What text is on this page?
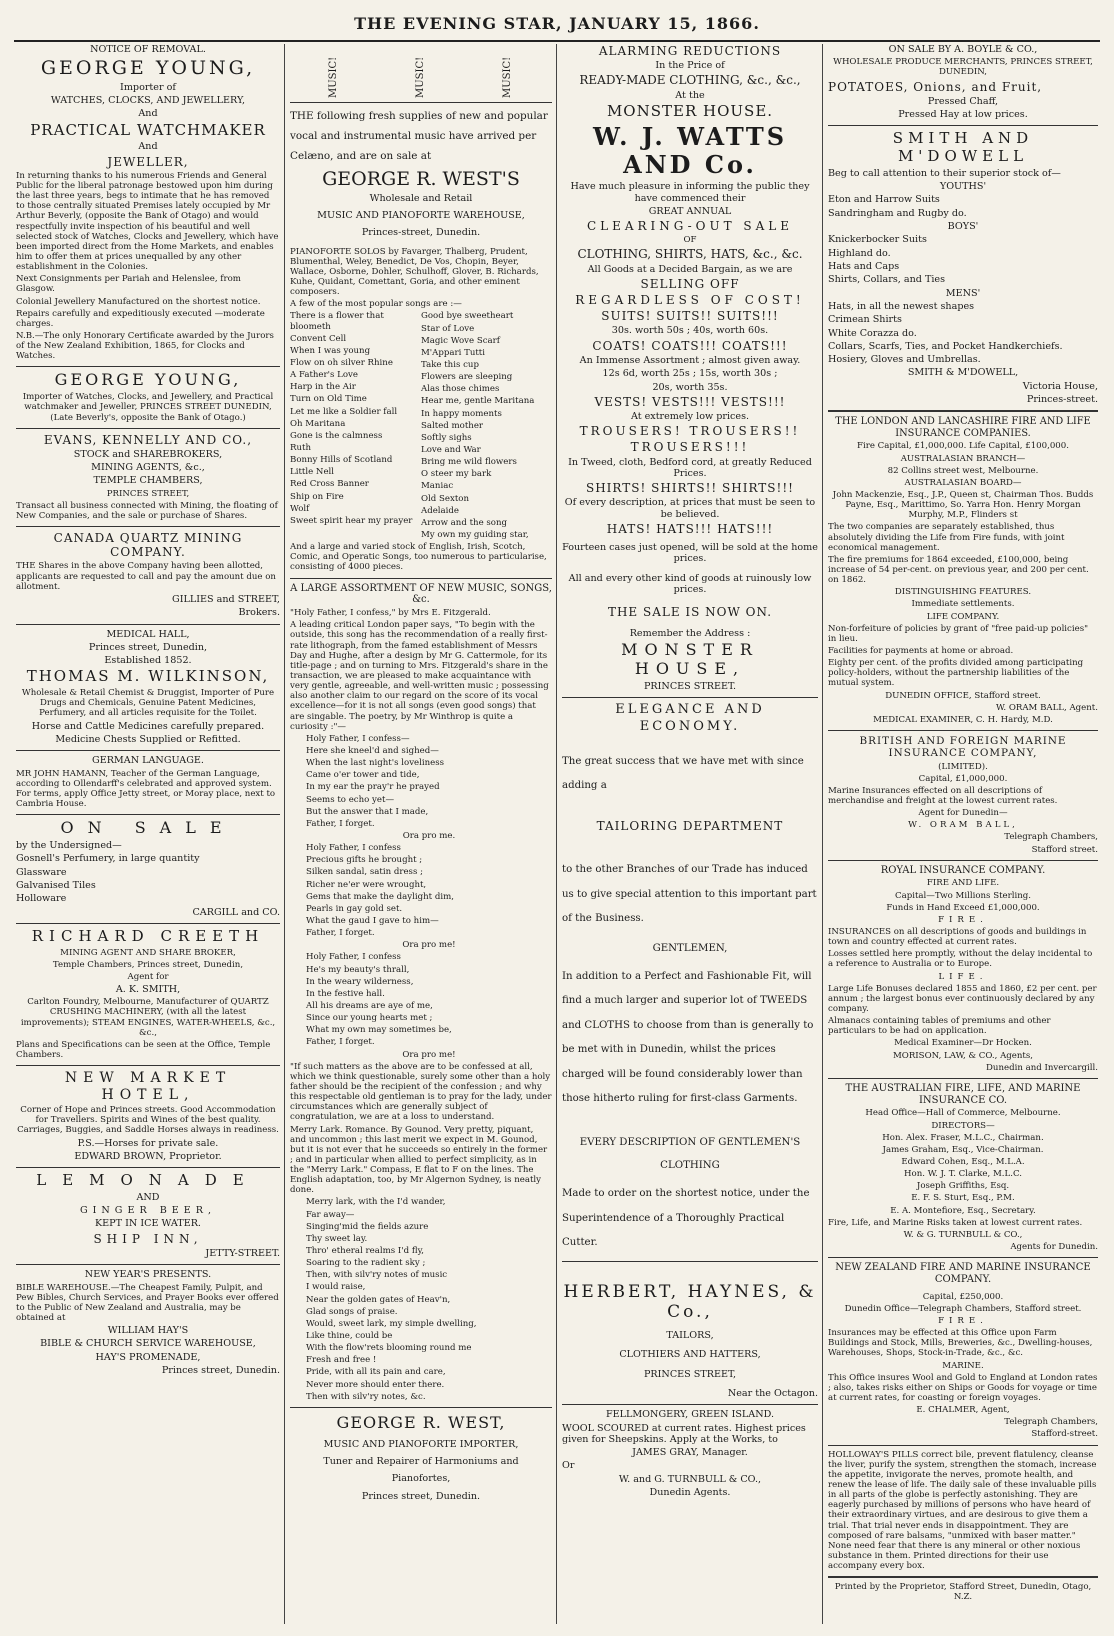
THE EVENING STAR, JANUARY 15, 1866.

NOTICE OF REMOVAL.

GEORGE YOUNG,

Importer of

WATCHES, CLOCKS, AND JEWELLERY,

And

PRACTICAL WATCHMAKER

And

JEWELLER,

In returning thanks to his numerous Friends and General Public for the liberal patronage bestowed upon him during the last three years, begs to intimate that he has removed to those centrally situated Premises lately occupied by Mr Arthur Beverly, (opposite the Bank of Otago) and would respectfully invite inspection of his beautiful and well selected stock of Watches, Clocks and Jewellery, which have been imported direct from the Home Markets, and enables him to offer them at prices unequalled by any other establishment in the Colonies.

Next Consignments per Pariah and Helenslee, from Glasgow.

Colonial Jewellery Manufactured on the shortest notice.

Repairs carefully and expeditiously executed —moderate charges.

N.B.—The only Honorary Certificate awarded by the Jurors of the New Zealand Exhibition, 1865, for Clocks and Watches.

GEORGE YOUNG,

Importer of Watches, Clocks, and Jewellery, and Practical watchmaker and Jeweller, PRINCES STREET DUNEDIN, (Late Beverly's, opposite the Bank of Otago.)

EVANS, KENNELLY AND CO.,

STOCK and SHAREBROKERS,

MINING AGENTS, &c.,

TEMPLE CHAMBERS,

PRINCES STREET,

Transact all business connected with Mining, the floating of New Companies, and the sale or purchase of Shares.

CANADA QUARTZ MINING COMPANY.

THE Shares in the above Company having been allotted, applicants are requested to call and pay the amount due on allotment.

GILLIES and STREET,

Brokers.

MEDICAL HALL,

Princes street, Dunedin,

Established 1852.

THOMAS M. WILKINSON,

Wholesale & Retail Chemist & Druggist, Importer of Pure Drugs and Chemicals, Genuine Patent Medicines, Perfumery, and all articles requisite for the Toilet.

Horse and Cattle Medicines carefully prepared.

Medicine Chests Supplied or Refitted.

GERMAN LANGUAGE.

MR JOHN HAMANN, Teacher of the German Language, according to Ollendarff's celebrated and approved system. For terms, apply Office Jetty street, or Moray place, next to Cambria House.

ON SALE

by the Undersigned—

Gosnell's Perfumery, in large quantity

Glassware

Galvanised Tiles

Holloware

CARGILL and CO.

RICHARD CREETH

MINING AGENT AND SHARE BROKER,

Temple Chambers, Princes street, Dunedin,

Agent for

A. K. SMITH,

Carlton Foundry, Melbourne, Manufacturer of QUARTZ CRUSHING MACHINERY, (with all the latest improvements); STEAM ENGINES, WATER-WHEELS, &c., &c.,

Plans and Specifications can be seen at the Office, Temple Chambers.

NEW MARKET HOTEL,

Corner of Hope and Princes streets. Good Accommodation for Travellers. Spirits and Wines of the best quality. Carriages, Buggies, and Saddle Horses always in readiness.

P.S.—Horses for private sale.

EDWARD BROWN, Proprietor.

LEMONADE

AND

GINGER BEER,

KEPT IN ICE WATER.

SHIP INN,

JETTY-STREET.

NEW YEAR'S PRESENTS.

BIBLE WAREHOUSE.—The Cheapest Family, Pulpit, and Pew Bibles, Church Services, and Prayer Books ever offered to the Public of New Zealand and Australia, may be obtained at

WILLIAM HAY'S

BIBLE & CHURCH SERVICE WAREHOUSE,

HAY'S PROMENADE,

Princes street, Dunedin.

MUSIC!	MUSIC!	MUSIC!

THE following fresh supplies of new and popular vocal and instrumental music have arrived per Celæno, and are on sale at

GEORGE R. WEST'S

Wholesale and Retail

MUSIC AND PIANOFORTE WAREHOUSE,

Princes-street, Dunedin.

PIANOFORTE SOLOS by Favarger, Thalberg, Prudent, Blumenthal, Weley, Benedict, De Vos, Chopin, Beyer, Wallace, Osborne, Dohler, Schulhoff, Glover, B. Richards, Kuhe, Quidant, Comettant, Goria, and other eminent composers.

A few of the most popular songs are :—

There is a flower that bloometh

Convent Cell

When I was young

Flow on oh silver Rhine

A Father's Love

Harp in the Air

Turn on Old Time

Let me like a Soldier fall

Oh Maritana

Gone is the calmness

Ruth

Bonny Hills of Scotland

Little Nell

Red Cross Banner

Ship on Fire

Wolf

Sweet spirit hear my prayer

Good bye sweetheart

Star of Love

Magic Wove Scarf

M'Appari Tutti

Take this cup

Flowers are sleeping

Alas those chimes

Hear me, gentle Maritana

In happy moments

Salted mother

Softly sighs

Love and War

Bring me wild flowers

O steer my bark

Maniac

Old Sexton

Adelaide

Arrow and the song

My own my guiding star,

And a large and varied stock of English, Irish, Scotch, Comic, and Operatic Songs, too numerous to particularise, consisting of 4000 pieces.

A LARGE ASSORTMENT OF NEW MUSIC, SONGS, &c.

"Holy Father, I confess," by Mrs E. Fitzgerald.

A leading critical London paper says, "To begin with the outside, this song has the recommendation of a really first-rate lithograph, from the famed establishment of Messrs Day and Hughe, after a design by Mr G. Cattermole, for its title-page ; and on turning to Mrs. Fitzgerald's share in the transaction, we are pleased to make acquaintance with very gentle, agreeable, and well-written music ; possessing also another claim to our regard on the score of its vocal excellence—for it is not all songs (even good songs) that are singable. The poetry, by Mr Winthrop is quite a curiosity :"—

Holy Father, I confess—

Here she kneel'd and sighed—

When the last night's loveliness

Came o'er tower and tide,

In my ear the pray'r he prayed

Seems to echo yet—

But the answer that I made,

Father, I forget.

Ora pro me.

Holy Father, I confess

Precious gifts he brought ;

Silken sandal, satin dress ;

Richer ne'er were wrought,

Gems that make the daylight dim,

Pearls in gay gold set.

What the gaud I gave to him—

Father, I forget.

Ora pro me!

Holy Father, I confess

He's my beauty's thrall,

In the weary wilderness,

In the festive hall.

All his dreams are aye of me,

Since our young hearts met ;

What my own may sometimes be,

Father, I forget.

Ora pro me!

"If such matters as the above are to be confessed at all, which we think questionable, surely some other than a holy father should be the recipient of the confession ; and why this respectable old gentleman is to pray for the lady, under circumstances which are generally subject of congratulation, we are at a loss to understand.

Merry Lark. Romance. By Gounod. Very pretty, piquant, and uncommon ; this last merit we expect in M. Gounod, but it is not ever that he succeeds so entirely in the former ; and in particular when allied to perfect simplicity, as in the "Merry Lark." Compass, E flat to F on the lines. The English adaptation, too, by Mr Algernon Sydney, is neatly done.

Merry lark, with the I'd wander,

Far away—

Singing'mid the fields azure

Thy sweet lay.

Thro' etheral realms I'd fly,

Soaring to the radient sky ;

Then, with silv'ry notes of music

I would raise,

Near the golden gates of Heav'n,

Glad songs of praise.

Would, sweet lark, my simple dwelling,

Like thine, could be

With the flow'rets blooming round me

Fresh and free !

Pride, with all its pain and care,

Never more should enter there.

Then with silv'ry notes, &c.

GEORGE R. WEST,

MUSIC AND PIANOFORTE IMPORTER,

Tuner and Repairer of Harmoniums and

Pianofortes,

Princes street, Dunedin.

ALARMING REDUCTIONS

In the Price of

READY-MADE CLOTHING, &c., &c.,

At the

MONSTER HOUSE.

W. J. WATTS AND Co.

Have much pleasure in informing the public they have commenced their

GREAT ANNUAL

CLEARING-OUT SALE

OF

CLOTHING, SHIRTS, HATS, &c., &c.

All Goods at a Decided Bargain, as we are

SELLING OFF

REGARDLESS OF COST!

SUITS! SUITS!! SUITS!!!

30s. worth 50s ; 40s, worth 60s.

COATS! COATS!!! COATS!!!

An Immense Assortment ; almost given away.

12s 6d, worth 25s ; 15s, worth 30s ;

20s, worth 35s.

VESTS! VESTS!!! VESTS!!!

At extremely low prices.

TROUSERS! TROUSERS!!

TROUSERS!!!

In Tweed, cloth, Bedford cord, at greatly Reduced Prices.

SHIRTS! SHIRTS!! SHIRTS!!!

Of every description, at prices that must be seen to be believed.

HATS! HATS!!! HATS!!!

Fourteen cases just opened, will be sold at the home prices.

All and every other kind of goods at ruinously low prices.

THE SALE IS NOW ON.

Remember the Address :

MONSTER HOUSE,

PRINCES STREET.

ELEGANCE AND ECONOMY.

The great success that we have met with since adding a

TAILORING DEPARTMENT

to the other Branches of our Trade has induced us to give special attention to this important part of the Business.

GENTLEMEN,

In addition to a Perfect and Fashionable Fit, will find a much larger and superior lot of TWEEDS and CLOTHS to choose from than is generally to be met with in Dunedin, whilst the prices charged will be found considerably lower than those hitherto ruling for first-class Garments.

EVERY DESCRIPTION OF GENTLEMEN'S

CLOTHING

Made to order on the shortest notice, under the Superintendence of a Thoroughly Practical Cutter.

HERBERT, HAYNES, & Co.,

TAILORS,

CLOTHIERS AND HATTERS,

PRINCES STREET,

Near the Octagon.

FELLMONGERY, GREEN ISLAND.

WOOL SCOURED at current rates. Highest prices given for Sheepskins. Apply at the Works, to

JAMES GRAY, Manager.

Or

W. and G. TURNBULL & CO.,

Dunedin Agents.

ON SALE BY A. BOYLE & CO.,

WHOLESALE PRODUCE MERCHANTS, PRINCES STREET, DUNEDIN,

POTATOES, Onions, and Fruit,

Pressed Chaff,

Pressed Hay at low prices.

SMITH AND M'DOWELL

Beg to call attention to their superior stock of—

YOUTHS'

Eton and Harrow Suits

Sandringham and Rugby do.

BOYS'

Knickerbocker Suits

Highland do.

Hats and Caps

Shirts, Collars, and Ties

MENS'

Hats, in all the newest shapes

Crimean Shirts

White Corazza do.

Collars, Scarfs, Ties, and Pocket Handkerchiefs.

Hosiery, Gloves and Umbrellas.

SMITH & M'DOWELL,

Victoria House,

Princes-street.

THE LONDON AND LANCASHIRE FIRE AND LIFE INSURANCE COMPANIES.

Fire Capital, £1,000,000. Life Capital, £100,000.

AUSTRALASIAN BRANCH—

82 Collins street west, Melbourne.

AUSTRALASIAN BOARD—

John Mackenzie, Esq., J.P., Queen st, Chairman Thos. Budds Payne, Esq., Marittimo, So. Yarra Hon. Henry Morgan Murphy, M.P., Flinders st

The two companies are separately established, thus absolutely dividing the Life from Fire funds, with joint economical management.

The fire premiums for 1864 exceeded, £100,000, being increase of 54 per-cent. on previous year, and 200 per cent. on 1862.

DISTINGUISHING FEATURES.

Immediate settlements.

LIFE COMPANY.

Non-forfeiture of policies by grant of "free paid-up policies" in lieu.

Facilities for payments at home or abroad.

Eighty per cent. of the profits divided among participating policy-holders, without the partnership liabilities of the mutual system.

DUNEDIN OFFICE, Stafford street.

W. ORAM BALL, Agent.

MEDICAL EXAMINER, C. H. Hardy, M.D.

BRITISH AND FOREIGN MARINE INSURANCE COMPANY,

(LIMITED).

Capital, £1,000,000.

Marine Insurances effected on all descriptions of merchandise and freight at the lowest current rates.

Agent for Dunedin—

W. ORAM BALL,

Telegraph Chambers,

Stafford street.

ROYAL INSURANCE COMPANY.

FIRE AND LIFE.

Capital—Two Millions Sterling.

Funds in Hand Exceed £1,000,000.

FIRE.

INSURANCES on all descriptions of goods and buildings in town and country effected at current rates.

Losses settled here promptly, without the delay incidental to a reference to Australia or to Europe.

LIFE.

Large Life Bonuses declared 1855 and 1860, £2 per cent. per annum ; the largest bonus ever continuously declared by any company.

Almanacs containing tables of premiums and other particulars to be had on application.

Medical Examiner—Dr Hocken.

MORISON, LAW, & CO., Agents,

Dunedin and Invercargill.

THE AUSTRALIAN FIRE, LIFE, AND MARINE INSURANCE CO.

Head Office—Hall of Commerce, Melbourne.

DIRECTORS—

Hon. Alex. Fraser, M.L.C., Chairman.

James Graham, Esq., Vice-Chairman.

Edward Cohen, Esq., M.L.A.

Hon. W. J. T. Clarke, M.L.C.

Joseph Griffiths, Esq.

E. F. S. Sturt, Esq., P.M.

E. A. Montefiore, Esq., Secretary.

Fire, Life, and Marine Risks taken at lowest current rates.

W. & G. TURNBULL & CO.,

Agents for Dunedin.

NEW ZEALAND FIRE AND MARINE INSURANCE COMPANY.

Capital, £250,000.

Dunedin Office—Telegraph Chambers, Stafford street.

FIRE.

Insurances may be effected at this Office upon Farm Buildings and Stock, Mills, Breweries, &c., Dwelling-houses, Warehouses, Shops, Stock-in-Trade, &c., &c.

MARINE.

This Office insures Wool and Gold to England at London rates ; also, takes risks either on Ships or Goods for voyage or time at current rates, for coasting or foreign voyages.

E. CHALMER, Agent,

Telegraph Chambers,

Stafford-street.

HOLLOWAY'S PILLS correct bile, prevent flatulency, cleanse the liver, purify the system, strengthen the stomach, increase the appetite, invigorate the nerves, promote health, and renew the lease of life. The daily sale of these invaluable pills in all parts of the globe is perfectly astonishing. They are eagerly purchased by millions of persons who have heard of their extraordinary virtues, and are desirous to give them a trial. That trial never ends in disappointment. They are composed of rare balsams, "unmixed with baser matter." None need fear that there is any mineral or other noxious substance in them. Printed directions for their use accompany every box.

Printed by the Proprietor, Stafford Street, Dunedin, Otago, N.Z.
